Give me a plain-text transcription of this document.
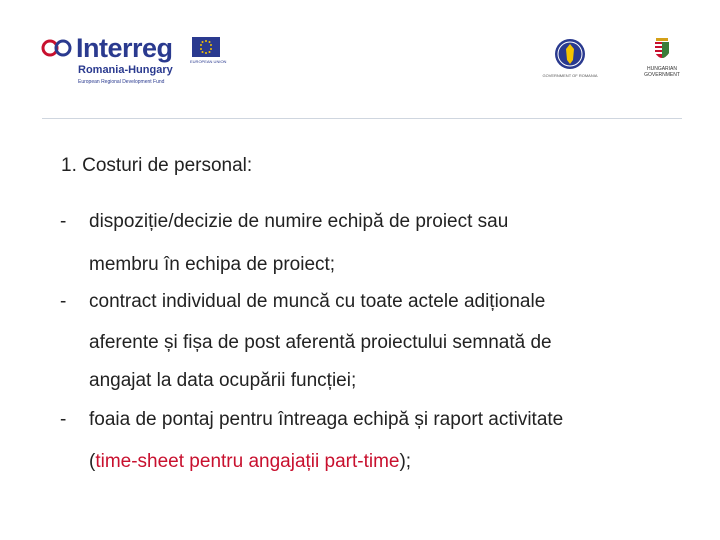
Interreg	EUROPEAN UNION
Romania-Hungary
European Regional Development Fund
GOVERNMENT OF ROMANIA
HUNGARIAN
GOVERNMENT
1. Costuri de personal:
- dispoziție/decizie de numire echipă de proiect sau
membru în echipa de proiect;
- contract individual de muncă cu toate actele adiționale
aferente și fișa de post aferentă proiectului semnată de
angajat la data ocupării funcției;
- foaia de pontaj pentru întreaga echipă și raport activitate
(time-sheet pentru angajații part-time);
